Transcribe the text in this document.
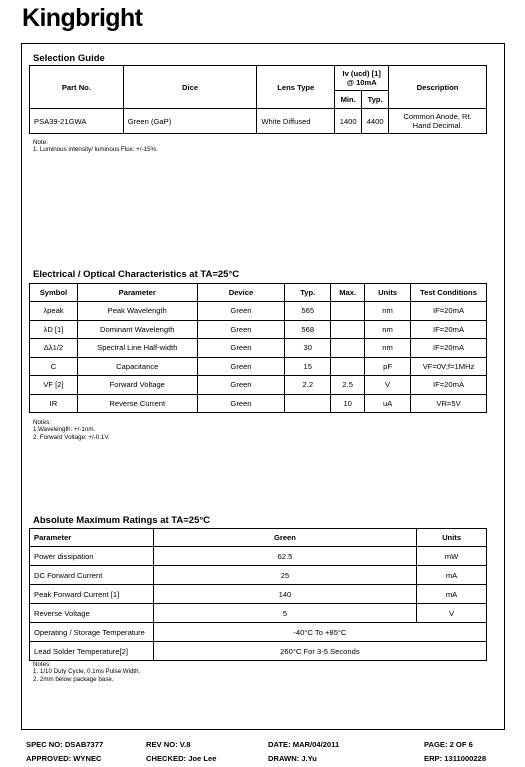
Kingbright
Selection Guide
Part No.	Dice	Lens Type	Iv (ucd) [1]
@ 10mA		Description
			Min.	Typ.	
PSA39-21GWA	Green (GaP)	White Diffused	1400	4400	Common Anode, Rt.
Hand Decimal.
Note:
1. Luminous intensity/ luminous Flux: +/-15%.
Electrical / Optical Characteristics at TA=25°C
Symbol	Parameter	Device	Typ.	Max.	Units	Test Conditions
λpeak	Peak Wavelength	Green	565		nm	IF=20mA
λD [1]	Dominant Wavelength	Green	568		nm	IF=20mA
Δλ1/2	Spectral Line Half-width	Green	30		nm	IF=20mA
C	Capacitance	Green	15		pF	VF=0V;f=1MHz
VF [2]	Forward Voltage	Green	2.2	2.5	V	IF=20mA
IR	Reverse Current	Green		10	uA	VR=5V
Notes:
1.Wavelength: +/-1nm.
2. Forward Voltage: +/-0.1V.
Absolute Maximum Ratings at TA=25°C
Parameter	Green	Units
Power dissipation	62.5	mW
DC Forward Current	25	mA
Peak Forward Current [1]	140	mA
Reverse Voltage	5	V
Operating / Storage Temperature	-40°C To +85°C	
Lead Solder Temperature[2]	260°C For 3-5 Seconds	
Notes:
1. 1/10 Duty Cycle, 0.1ms Pulse Width.
2. 2mm below package base.
SPEC NO: DSAB7377	REV NO: V.8	DATE: MAR/04/2011	PAGE: 2 OF 6
APPROVED: WYNEC	CHECKED: Joe Lee	DRAWN: J.Yu	ERP: 1311000228
